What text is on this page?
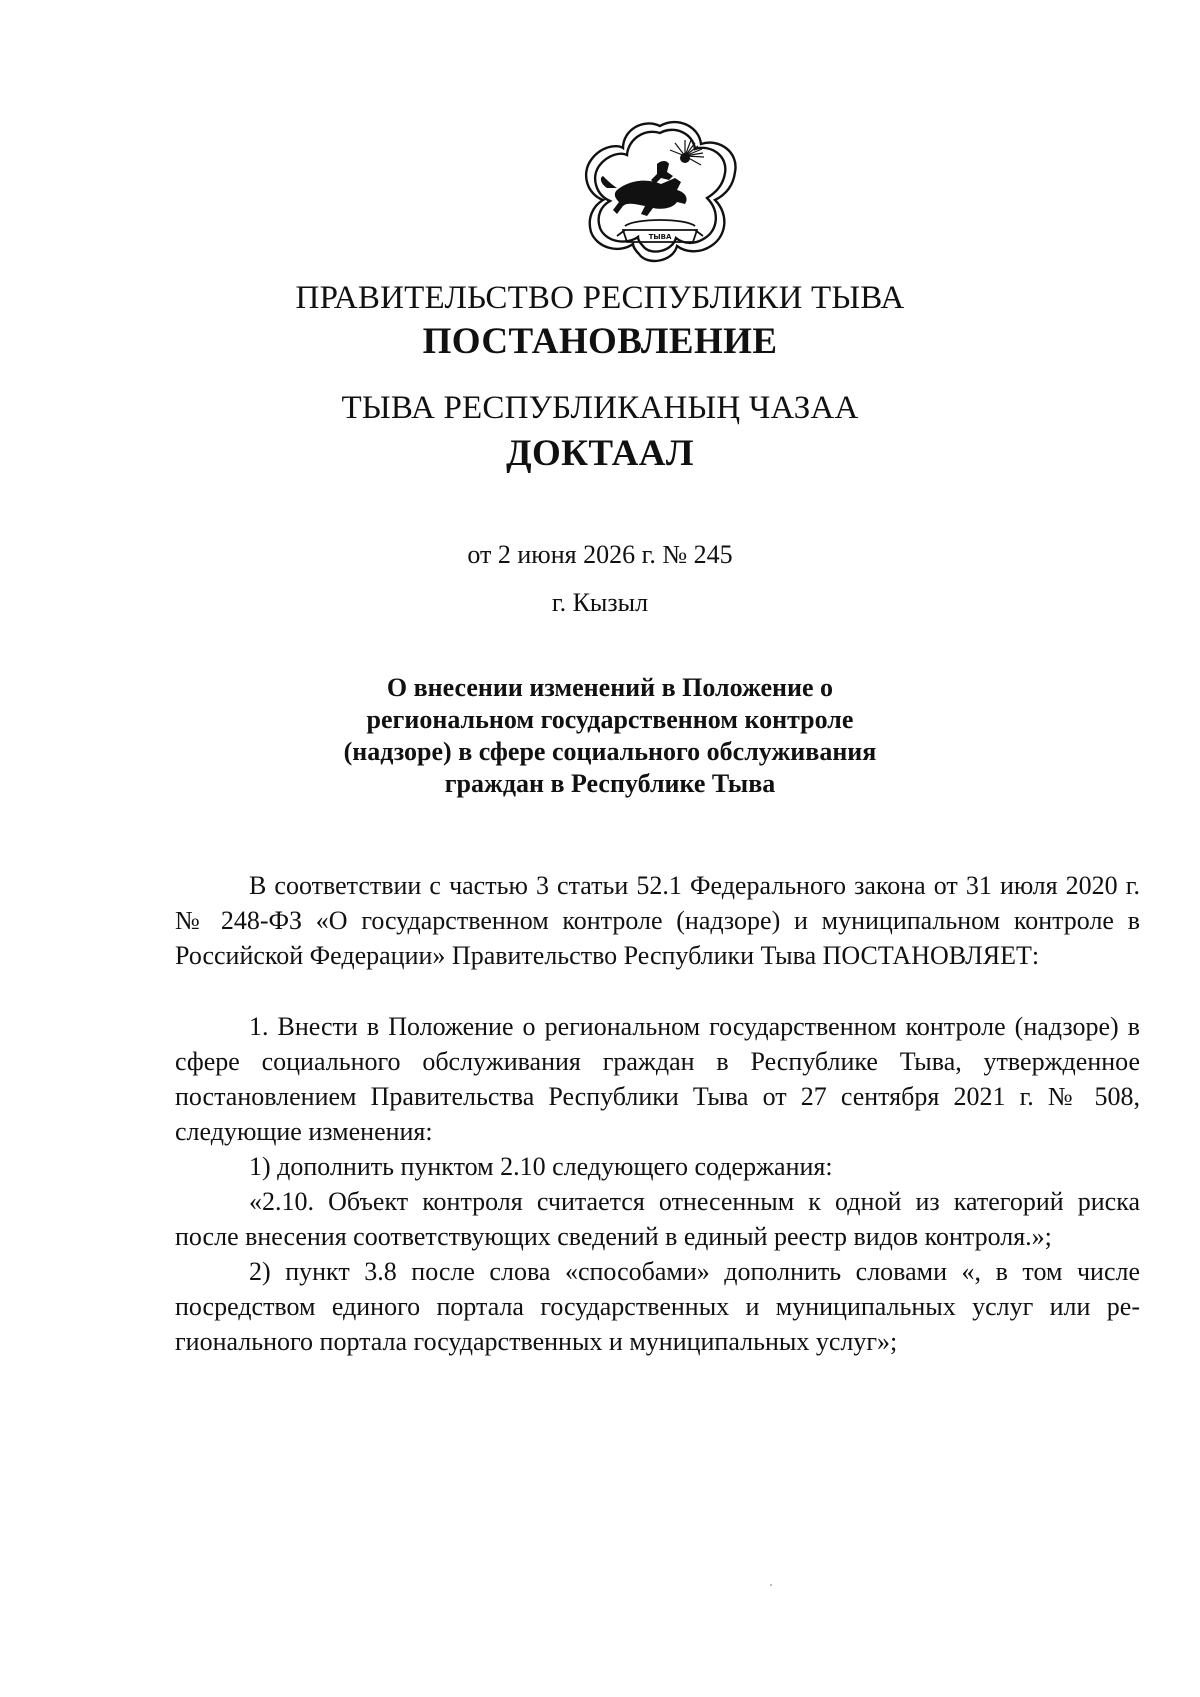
ТЫВА
ПРАВИТЕЛЬСТВО РЕСПУБЛИКИ ТЫВА
ПОСТАНОВЛЕНИЕ
ТЫВА РЕСПУБЛИКАНЫҢ ЧАЗАА
ДОКТААЛ
от 2 июня 2026 г. № 245
г. Кызыл
О внесении изменений в Положение о
региональном государственном контроле
(надзоре) в сфере социального обслуживания
граждан в Республике Тыва

В соответствии с частью 3 статьи 52.1 Федерального закона от 31 июля 2020 г. № 248-ФЗ «О государственном контроле (надзоре) и муниципальном контроле в Российской Федерации» Правительство Республики Тыва ПОСТАНОВЛЯЕТ:

1. Внести в Положение о региональном государственном контроле (надзоре) в сфере социального обслуживания граждан в Республике Тыва, утвержденное постановлением Правительства Республики Тыва от 27 сентября 2021 г. № 508, следующие изменения:

1) дополнить пунктом 2.10 следующего содержания:

«2.10. Объект контроля считается отнесенным к одной из категорий риска после внесения соответствующих сведений в единый реестр видов контроля.»;

2) пункт 3.8 после слова «способами» дополнить словами «, в том числе посредством единого портала государственных и муниципальных услуг или регионального портала государственных и муниципальных услуг»;
